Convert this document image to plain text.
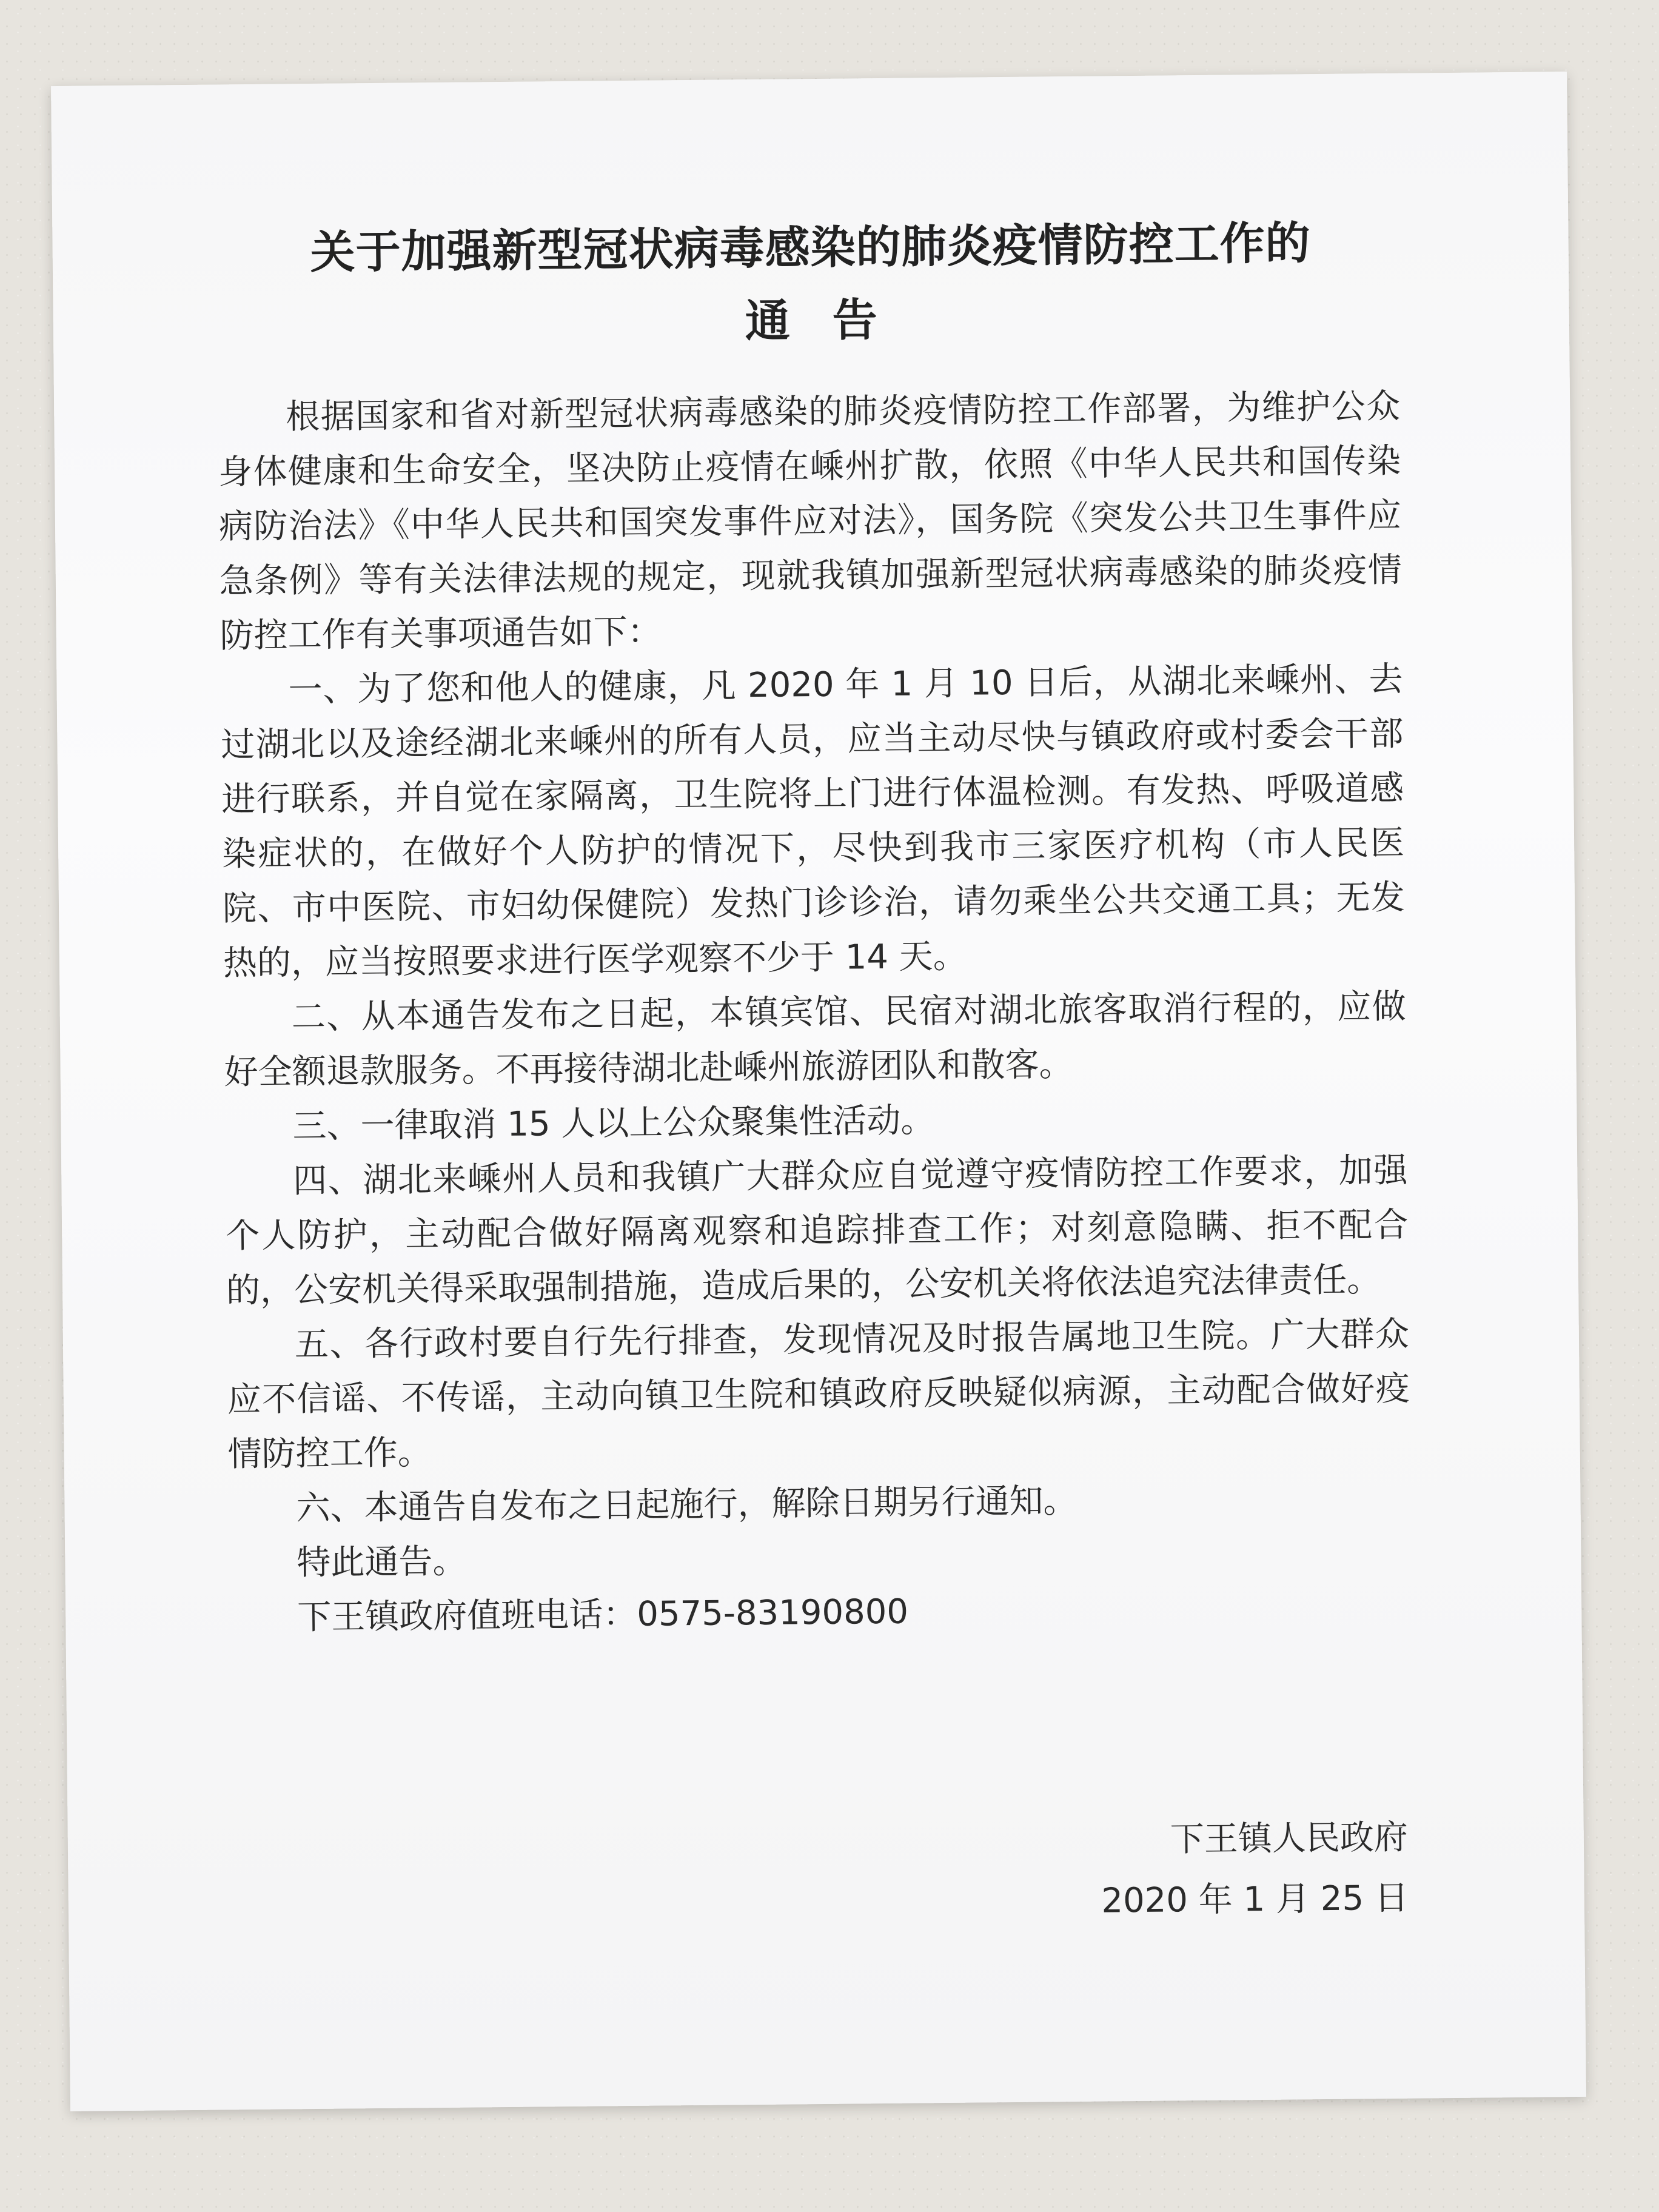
关于加强新型冠状病毒感染的肺炎疫情防控工作的
通告

根据国家和省对新型冠状病毒感染的肺炎疫情防控工作部署，为维护公众身体健康和生命安全，坚决防止疫情在嵊州扩散，依照《中华人民共和国传染病防治法》《中华人民共和国突发事件应对法》，国务院《突发公共卫生事件应急条例》等有关法律法规的规定，现就我镇加强新型冠状病毒感染的肺炎疫情防控工作有关事项通告如下：

一、为了您和他人的健康，凡 2020 年 1 月 10 日后，从湖北来嵊州、去过湖北以及途经湖北来嵊州的所有人员，应当主动尽快与镇政府或村委会干部进行联系，并自觉在家隔离，卫生院将上门进行体温检测。有发热、呼吸道感染症状的，在做好个人防护的情况下，尽快到我市三家医疗机构（市人民医院、市中医院、市妇幼保健院）发热门诊诊治，请勿乘坐公共交通工具；无发热的，应当按照要求进行医学观察不少于 14 天。

二、从本通告发布之日起，本镇宾馆、民宿对湖北旅客取消行程的，应做好全额退款服务。不再接待湖北赴嵊州旅游团队和散客。

三、一律取消 15 人以上公众聚集性活动。

四、湖北来嵊州人员和我镇广大群众应自觉遵守疫情防控工作要求，加强个人防护，主动配合做好隔离观察和追踪排查工作；对刻意隐瞒、拒不配合的，公安机关得采取强制措施，造成后果的，公安机关将依法追究法律责任。

五、各行政村要自行先行排查，发现情况及时报告属地卫生院。广大群众应不信谣、不传谣，主动向镇卫生院和镇政府反映疑似病源，主动配合做好疫情防控工作。

六、本通告自发布之日起施行，解除日期另行通知。

特此通告。

下王镇政府值班电话：0575-83190800

下王镇人民政府
2020 年 1 月 25 日
